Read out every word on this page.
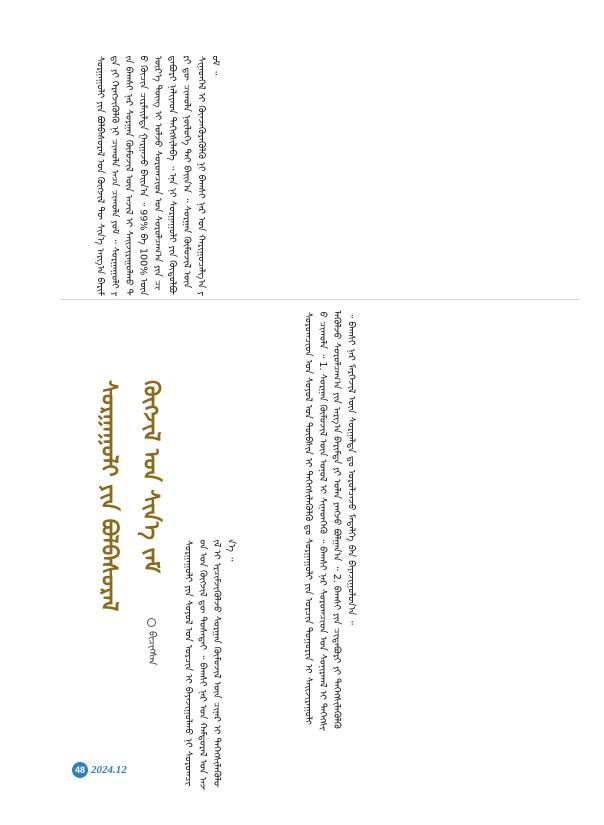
ᠰᠤᠷᠭᠠᠭᠤᠯᠢ ᠶᠢᠨ ᠪᠣᠯᠪᠠᠰᠤᠷᠠᠯ ᠤᠨ ᠬᠥᠭᠵᠢᠯ ᠲᠦ ᠰᠢᠨ᠎ᠡ ᠠᠷᠭ᠎ᠠ ᠪᠠᠷᠢᠮᠲᠠ ᠶᠢ ᠬᠡᠷᠡᠭᠵᠢᠭᠦᠯᠬᠦ ᠨᠢ ᠴᠢᠬᠤᠯᠠ ᠠᠴᠠ ᠴᠢᠬᠤᠯᠠ ᠶᠤᠮ ᠃ ᠰᠤᠷᠭᠠᠭᠤᠯᠢ ᠶᠢᠨ ᠪᠠᠭᠰᠢ ᠨᠠᠷ ᠰᠤᠷᠭᠠᠨ ᠬᠦᠮᠦᠵᠢᠯ ᠦᠨ ᠠᠵᠢᠯ ᠢ ᠰᠠᠢᠵᠢᠷᠠᠭᠤᠯᠬᠤ ᠳᠤ ᠬᠦᠴᠢᠨ ᠴᠢᠷᠮᠠᠢᠯᠲᠠ ᠭᠠᠷᠭᠠᠵᠤ ᠪᠠᠢᠨ᠎ᠠ ᠃ 99% ᠪᠠ 100% ᠦᠨ ᠦᠷ᠎ᠡ ᠳᠦᠩ ᠢ ᠣᠯᠵᠤ ᠰᠤᠷᠤᠭᠴᠢᠳ ᠤᠨ ᠰᠤᠷᠤᠯᠴᠠᠭ᠎ᠠ ᠶᠢᠨ ᠴᠢᠳᠠᠪᠤᠷᠢ ᠨᠡᠯᠢᠶᠡᠳ ᠳᠡᠭᠡᠭᠰᠢᠯᠡᠪᠡ ᠃ ᠡᠨᠡ ᠨᠢ ᠰᠤᠷᠭᠠᠭᠤᠯᠢ ᠶᠢᠨ ᠬᠥᠲᠥᠯᠪᠦᠷᠢ ᠳᠦ ᠴᠢᠬᠤᠯᠠ ᠨᠥᠯᠥᠭᠡ ᠲᠡᠢ ᠪᠠᠢᠨ᠎ᠠ ᠃ ᠰᠤᠷᠭᠠᠨ ᠬᠦᠮᠦᠵᠢᠯ ᠦᠨ ᠰᠢᠨᠡᠳᠬᠡᠯ ᠢ ᠭᠦᠨᠵᠡᠭᠦᠷᠡᠭᠦᠯᠬᠦ ᠨᠢ ᠪᠠᠭᠰᠢ ᠨᠠᠷ ᠤᠨ ᠬᠠᠷᠢᠭᠤᠴᠠᠯᠭ᠎ᠠ ᠶᠤᠮ ᠃
ᠰᠤᠷᠭᠠᠭᠤᠯᠢ ᠶᠢᠨ ᠪᠣᠯᠪᠠᠰᠤᠷᠠᠯ ᠬᠥᠭᠵᠢᠯ ᠤᠨ ᠱᠢᠨ᠎ᠡ ᠵᠠᠮ
ᠪᠢᠴᠢᠭᠰᠡᠨ	ᠰᠤᠷᠤᠭᠴᠢᠳ ᠤᠨ ᠰᠣᠶᠤᠯ ᠤᠨ ᠲᠦᠪᠰᠢᠨ ᠢ ᠳᠡᠭᠡᠭᠰᠢᠯᠡᠭᠦᠯᠬᠦ ᠳᠤ ᠰᠤᠷᠭᠠᠭᠤᠯᠢ ᠶᠢᠨ ᠣᠷᠴᠢᠨ ᠲᠣᠭᠣᠷᠢᠨ ᠢ ᠰᠠᠢᠵᠢᠷᠠᠭᠤᠯᠬᠤ ᠴᠢᠬᠤᠯᠠ ᠃ 1. ᠰᠤᠷᠭᠠᠨ ᠬᠦᠮᠦᠵᠢᠯ ᠦᠨ ᠣᠨᠣᠯ ᠢ ᠰᠢᠨᠡᠳᠬᠡᠬᠦ ᠃ ᠪᠠᠭᠰᠢ ᠨᠠᠷ ᠰᠤᠷᠤᠭᠴᠢᠳ ᠤᠨ ᠰᠣᠨᠢᠷᠬᠠᠯ ᠢ ᠳᠡᠭᠡᠭᠰᠢᠯᠡᠭᠦᠯᠵᠦ ᠰᠤᠷᠤᠯᠴᠠᠭ᠎ᠠ ᠶᠢᠨ ᠠᠷᠭ᠎ᠠ ᠪᠠᠷᠢᠮᠲᠠ ᠶᠢ ᠣᠯᠠᠨ ᠶᠠᠩᠵᠤ ᠪᠣᠯᠭᠠᠨ᠎ᠠ ᠃ 2. ᠪᠠᠭᠰᠢ ᠶᠢᠨ ᠴᠢᠳᠠᠪᠤᠷᠢ ᠶᠢ ᠳᠡᠭᠡᠭᠰᠢᠯᠡᠭᠦᠯᠬᠦ ᠃ ᠪᠠᠭᠰᠢ ᠨᠠᠷ ᠮᠡᠷᠭᠡᠵᠢᠯ ᠦᠨ ᠰᠤᠷᠭᠠᠯᠲᠠ ᠳᠤ ᠣᠷᠣᠯᠴᠠᠵᠤ ᠮᠡᠳᠡᠯᠭᠡ ᠪᠠᠨ ᠪᠠᠶᠠᠵᠢᠭᠤᠯᠤᠨ᠎ᠠ ᠃
ᠰᠤᠷᠭᠠᠭᠤᠯᠢ ᠶᠢᠨ ᠰᠣᠶᠤᠯ ᠤᠨ ᠣᠷᠴᠢᠨ ᠢ ᠪᠠᠶᠠᠵᠢᠭᠤᠯᠬᠤ ᠨᠢ ᠰᠤᠷᠤᠭᠴᠢᠳ ᠤᠨ ᠬᠥᠭᠵᠢᠯ ᠳᠦ ᠲᠤᠰᠠᠲᠠᠢ ᠃ ᠪᠠᠭᠰᠢ ᠨᠠᠷ ᠤᠨ ᠬᠠᠮᠲᠤᠷᠠᠯ ᠤᠨ ᠠᠵᠢᠯ ᠢ ᠡᠷᠴᠢᠮᠵᠢᠭᠦᠯᠵᠦ ᠰᠤᠷᠭᠠᠨ ᠬᠦᠮᠦᠵᠢᠯ ᠦᠨ ᠴᠢᠨᠠᠷ ᠢ ᠳᠡᠭᠡᠭᠰᠢᠯᠡᠭᠦᠯᠦᠨ᠎ᠡ ᠃
48 2024.12
